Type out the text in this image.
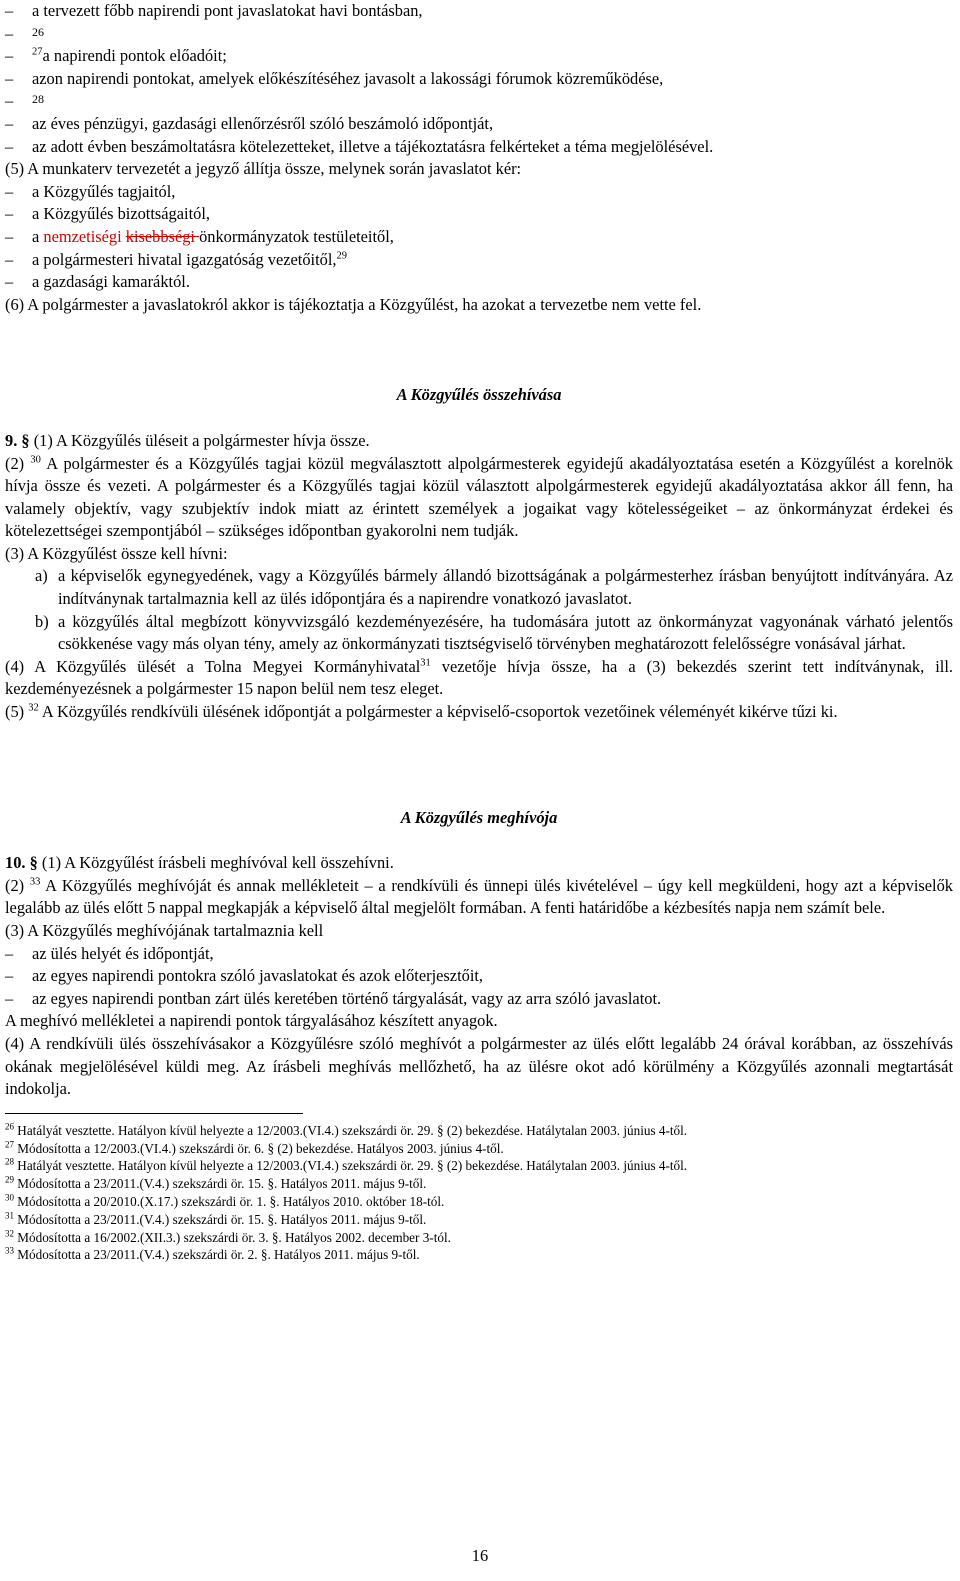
– a tervezett főbb napirendi pont javaslatokat havi bontásban,
– $^{26}$
– $^{27}$a napirendi pontok előadóit;
– azon napirendi pontokat, amelyek előkészítéséhez javasolt a lakossági fórumok közreműködése,
– $^{28}$
– az éves pénzügyi, gazdasági ellenőrzésről szóló beszámoló időpontját,
– az adott évben beszámoltatásra kötelezetteket, illetve a tájékoztatásra felkérteket a téma megjelölésével.
(5) A munkaterv tervezetét a jegyző állítja össze, melynek során javaslatot kér:
– a Közgyűlés tagjaitól,
– a Közgyűlés bizottságaitól,
– a nemzetiségi kisebbségi önkormányzatok testületeitől,
– a polgármesteri hivatal igazgatóság vezetőitől,$^{29}$
– a gazdasági kamaráktól.
(6) A polgármester a javaslatokról akkor is tájékoztatja a Közgyűlést, ha azokat a tervezetbe nem vette fel.
A Közgyűlés összehívása
9. § (1) A Közgyűlés üléseit a polgármester hívja össze.
(2) $^{30}$ A polgármester és a Közgyűlés tagjai közül megválasztott alpolgármesterek egyidejű akadályoztatása esetén a Közgyűlést a korelnök hívja össze és vezeti. A polgármester és a Közgyűlés tagjai közül választott alpolgármesterek egyidejű akadályoztatása akkor áll fenn, ha valamely objektív, vagy szubjektív indok miatt az érintett személyek a jogaikat vagy kötelességeiket – az önkormányzat érdekei és kötelezettségei szempontjából – szükséges időpontban gyakorolni nem tudják.
(3) A Közgyűlést össze kell hívni:
a) a képviselők egynegyedének, vagy a Közgyűlés bármely állandó bizottságának a polgármesterhez írásban benyújtott indítványára. Az indítványnak tartalmaznia kell az ülés időpontjára és a napirendre vonatkozó javaslatot.
b) a közgyűlés által megbízott könyvvizsgáló kezdeményezésére, ha tudomására jutott az önkormányzat vagyonának várható jelentős csökkenése vagy más olyan tény, amely az önkormányzati tisztségviselő törvényben meghatározott felelősségre vonásával járhat.
(4) A Közgyűlés ülését a Tolna Megyei Kormányhivatal$^{31}$ vezetője hívja össze, ha a (3) bekezdés szerint tett indítványnak, ill. kezdeményezésnek a polgármester 15 napon belül nem tesz eleget.
(5) $^{32}$ A Közgyűlés rendkívüli ülésének időpontját a polgármester a képviselő-csoportok vezetőinek véleményét kikérve tűzi ki.
A Közgyűlés meghívója
10. § (1) A Közgyűlést írásbeli meghívóval kell összehívni.
(2) $^{33}$ A Közgyűlés meghívóját és annak mellékleteit – a rendkívüli és ünnepi ülés kivételével – úgy kell megküldeni, hogy azt a képviselők legalább az ülés előtt 5 nappal megkapják a képviselő által megjelölt formában. A fenti határidőbe a kézbesítés napja nem számít bele.
(3) A Közgyűlés meghívójának tartalmaznia kell
– az ülés helyét és időpontját,
– az egyes napirendi pontokra szóló javaslatokat és azok előterjesztőit,
– az egyes napirendi pontban zárt ülés keretében történő tárgyalását, vagy az arra szóló javaslatot.
A meghívó mellékletei a napirendi pontok tárgyalásához készített anyagok.
(4) A rendkívüli ülés összehívásakor a Közgyűlésre szóló meghívót a polgármester az ülés előtt legalább 24 órával korábban, az összehívás okának megjelölésével küldi meg. Az írásbeli meghívás mellőzhető, ha az ülésre okot adó körülmény a Közgyűlés azonnali megtartását indokolja.
$^{26}$ Hatályát vesztette. Hatályon kívül helyezte a 12/2003.(VI.4.) szekszárdi ör. 29. § (2) bekezdése. Hatálytalan 2003. június 4-től.
$^{27}$ Módosította a 12/2003.(VI.4.) szekszárdi ör. 6. § (2) bekezdése. Hatályos 2003. június 4-től.
$^{28}$ Hatályát vesztette. Hatályon kívül helyezte a 12/2003.(VI.4.) szekszárdi ör. 29. § (2) bekezdése. Hatálytalan 2003. június 4-től.
$^{29}$ Módosította a 23/2011.(V.4.) szekszárdi ör. 15. §. Hatályos 2011. május 9-től.
$^{30}$ Módosította a 20/2010.(X.17.) szekszárdi ör. 1. §. Hatályos 2010. október 18-tól.
$^{31}$ Módosította a 23/2011.(V.4.) szekszárdi ör. 15. §. Hatályos 2011. május 9-től.
$^{32}$ Módosította a 16/2002.(XII.3.) szekszárdi ör. 3. §. Hatályos 2002. december 3-tól.
$^{33}$ Módosította a 23/2011.(V.4.) szekszárdi ör. 2. §. Hatályos 2011. május 9-től.
16
